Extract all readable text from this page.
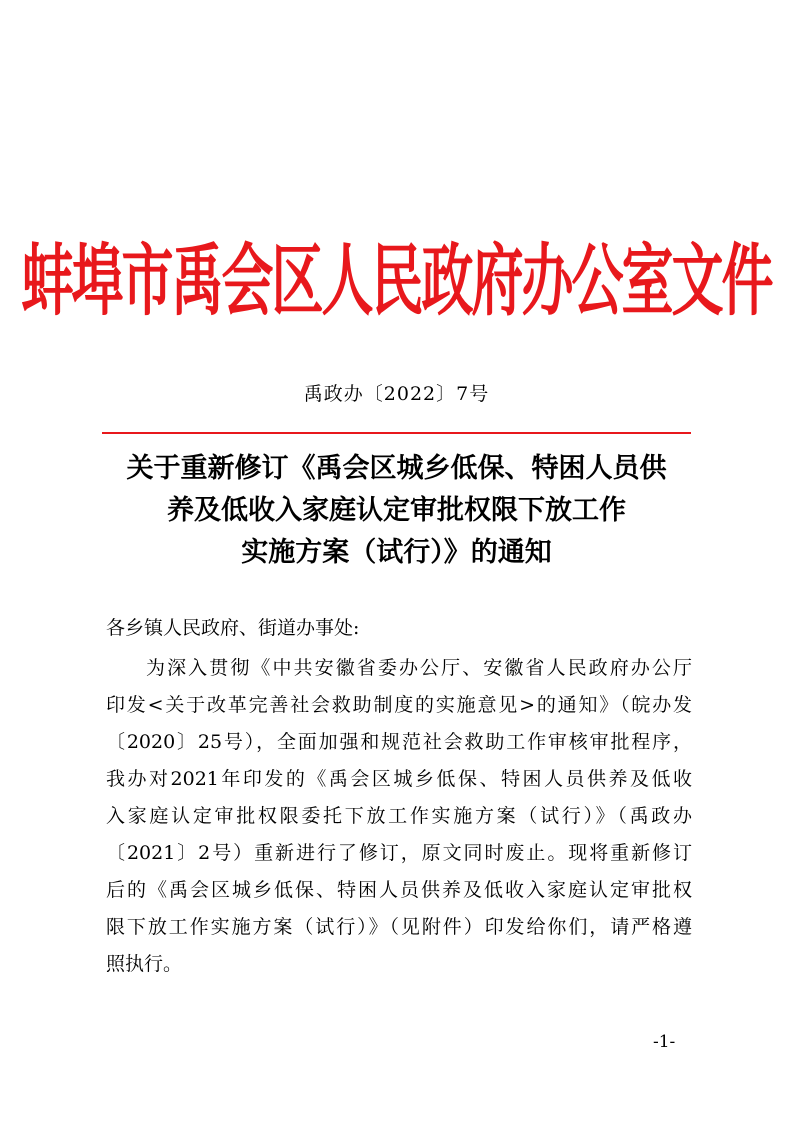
蚌埠市禹会区人民政府办公室文件
禹政办〔2022〕7号
关于重新修订《禹会区城乡低保、特困人员供
养及低收入家庭认定审批权限下放工作
实施方案（试行）》的通知
各乡镇人民政府、街道办事处:
为深入贯彻《中共安徽省委办公厅、安徽省人民政府办公厅
印发<关于改革完善社会救助制度的实施意见>的通知》（皖办发
〔2020〕25号），全面加强和规范社会救助工作审核审批程序，
我办对2021年印发的《禹会区城乡低保、特困人员供养及低收
入家庭认定审批权限委托下放工作实施方案（试行）》（禹政办
〔2021〕2号）重新进行了修订，原文同时废止。现将重新修订
后的《禹会区城乡低保、特困人员供养及低收入家庭认定审批权
限下放工作实施方案（试行）》（见附件）印发给你们，请严格遵
照执行。
-1-
